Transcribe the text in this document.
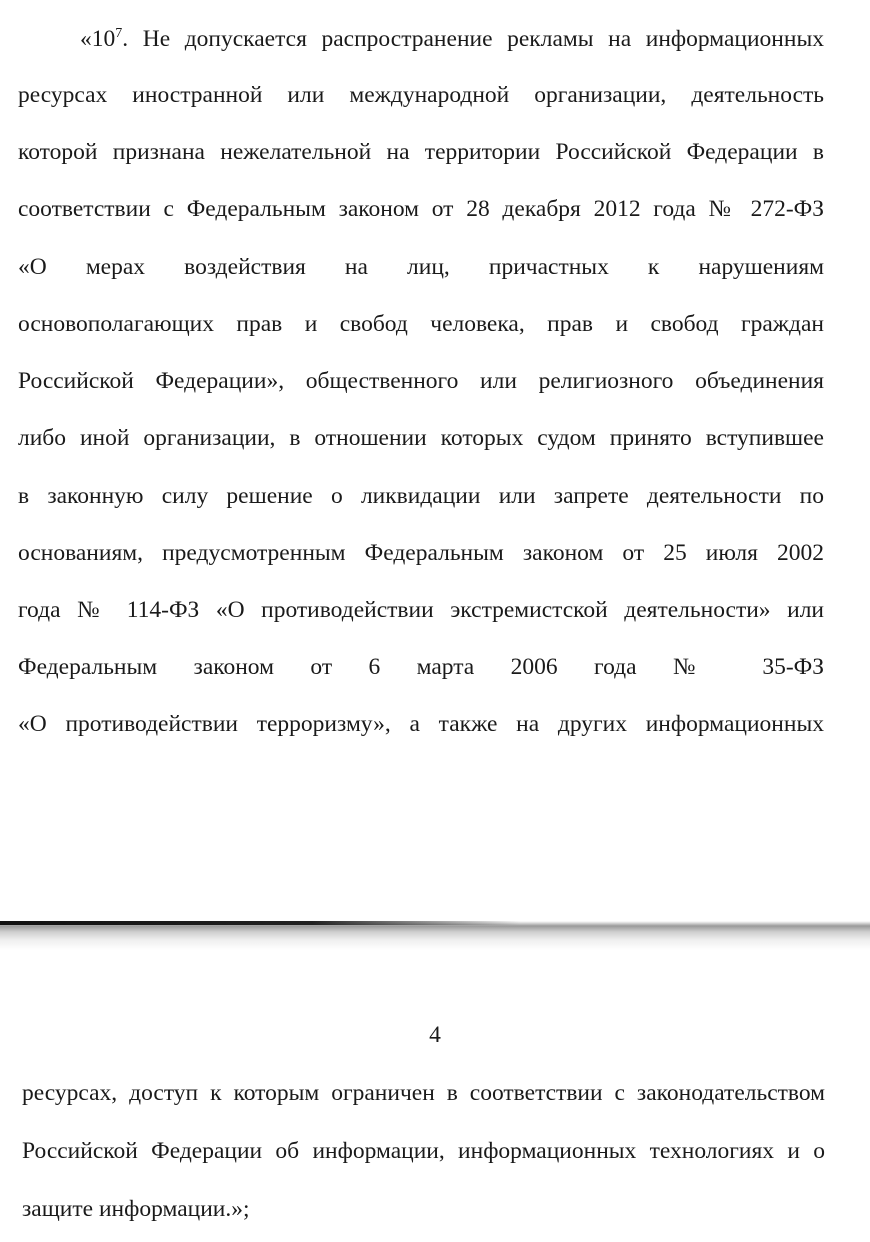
«$10^7$. Не допускается распространение рекламы на информационных
ресурсах иностранной или международной организации, деятельность
которой признана нежелательной на территории Российской Федерации в
соответствии с Федеральным законом от 28 декабря 2012 года № 272-ФЗ
«О мерах воздействия на лиц, причастных к нарушениям
основополагающих прав и свобод человека, прав и свобод граждан
Российской Федерации», общественного или религиозного объединения
либо иной организации, в отношении которых судом принято вступившее
в законную силу решение о ликвидации или запрете деятельности по
основаниям, предусмотренным Федеральным законом от 25 июля 2002
года № 114-ФЗ «О противодействии экстремистской деятельности» или
Федеральным законом от 6 марта 2006 года № 35-ФЗ
«О противодействии терроризму», а также на других информационных
4
ресурсах, доступ к которым ограничен в соответствии с законодательством
Российской Федерации об информации, информационных технологиях и о
защите информации.»;
